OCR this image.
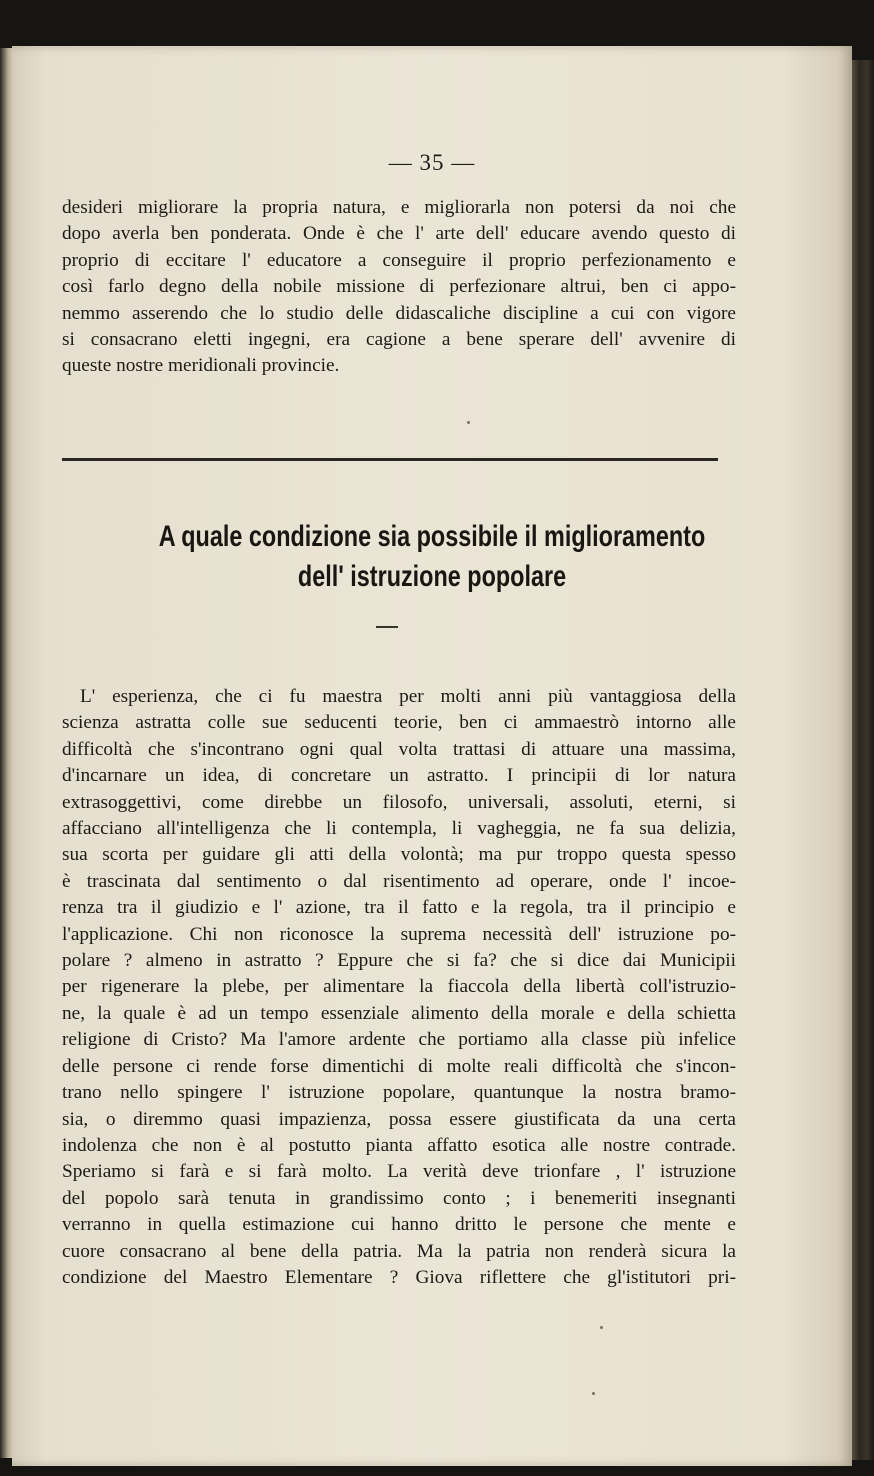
— 35 —
desideri migliorare la propria natura, e migliorarla non potersi da noi che
dopo averla ben ponderata. Onde è che l' arte dell' educare avendo questo di
proprio di eccitare l' educatore a conseguire il proprio perfezionamento e
così farlo degno della nobile missione di perfezionare altrui, ben ci appo-
nemmo asserendo che lo studio delle didascaliche discipline a cui con vigore
si consacrano eletti ingegni, era cagione a bene sperare dell' avvenire di
queste nostre meridionali provincie.
A quale condizione sia possibile il miglioramento
dell' istruzione popolare
L' esperienza, che ci fu maestra per molti anni più vantaggiosa della
scienza astratta colle sue seducenti teorie, ben ci ammaestrò intorno alle
difficoltà che s'incontrano ogni qual volta trattasi di attuare una massima,
d'incarnare un idea, di concretare un astratto. I principii di lor natura
extrasoggettivi, come direbbe un filosofo, universali, assoluti, eterni, si
affacciano all'intelligenza che li contempla, li vagheggia, ne fa sua delizia,
sua scorta per guidare gli atti della volontà; ma pur troppo questa spesso
è trascinata dal sentimento o dal risentimento ad operare, onde l' incoe-
renza tra il giudizio e l' azione, tra il fatto e la regola, tra il principio e
l'applicazione. Chi non riconosce la suprema necessità dell' istruzione po-
polare ? almeno in astratto ? Eppure che si fa? che si dice dai Municipii
per rigenerare la plebe, per alimentare la fiaccola della libertà coll'istruzio-
ne, la quale è ad un tempo essenziale alimento della morale e della schietta
religione di Cristo? Ma l'amore ardente che portiamo alla classe più infelice
delle persone ci rende forse dimentichi di molte reali difficoltà che s'incon-
trano nello spingere l' istruzione popolare, quantunque la nostra bramo-
sia, o diremmo quasi impazienza, possa essere giustificata da una certa
indolenza che non è al postutto pianta affatto esotica alle nostre contrade.
Speriamo si farà e si farà molto. La verità deve trionfare , l' istruzione
del popolo sarà tenuta in grandissimo conto ; i benemeriti insegnanti
verranno in quella estimazione cui hanno dritto le persone che mente e
cuore consacrano al bene della patria. Ma la patria non renderà sicura la
condizione del Maestro Elementare ? Giova riflettere che gl'istitutori pri-
